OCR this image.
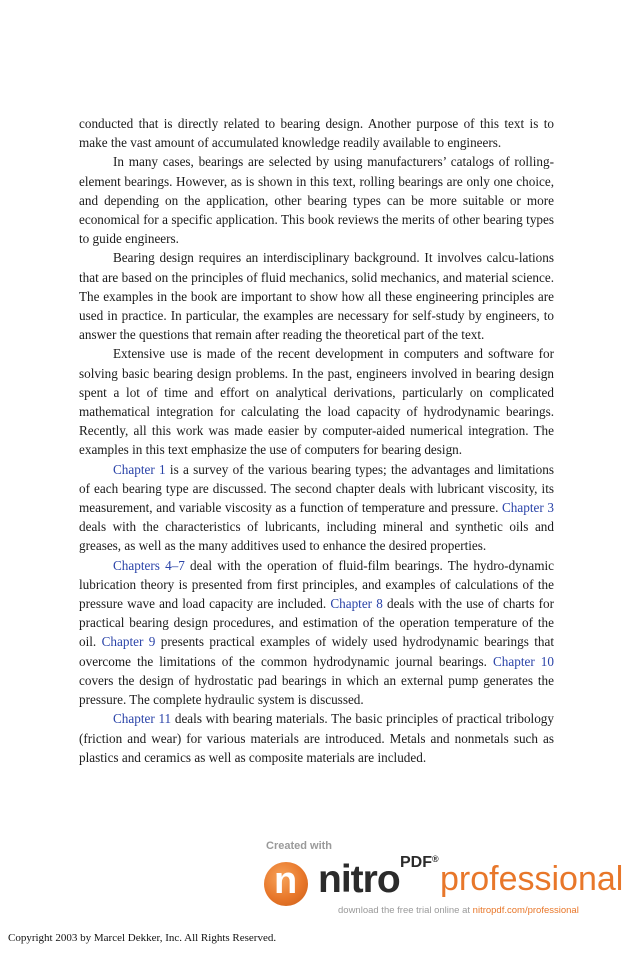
conducted that is directly related to bearing design. Another purpose of this text is to make the vast amount of accumulated knowledge readily available to engineers.

In many cases, bearings are selected by using manufacturers’ catalogs of rolling-element bearings. However, as is shown in this text, rolling bearings are only one choice, and depending on the application, other bearing types can be more suitable or more economical for a specific application. This book reviews the merits of other bearing types to guide engineers.

Bearing design requires an interdisciplinary background. It involves calcu-lations that are based on the principles of fluid mechanics, solid mechanics, and material science. The examples in the book are important to show how all these engineering principles are used in practice. In particular, the examples are necessary for self-study by engineers, to answer the questions that remain after reading the theoretical part of the text.

Extensive use is made of the recent development in computers and software for solving basic bearing design problems. In the past, engineers involved in bearing design spent a lot of time and effort on analytical derivations, particularly on complicated mathematical integration for calculating the load capacity of hydrodynamic bearings. Recently, all this work was made easier by computer-aided numerical integration. The examples in this text emphasize the use of computers for bearing design.

Chapter 1 is a survey of the various bearing types; the advantages and limitations of each bearing type are discussed. The second chapter deals with lubricant viscosity, its measurement, and variable viscosity as a function of temperature and pressure. Chapter 3 deals with the characteristics of lubricants, including mineral and synthetic oils and greases, as well as the many additives used to enhance the desired properties.

Chapters 4–7 deal with the operation of fluid-film bearings. The hydro-dynamic lubrication theory is presented from first principles, and examples of calculations of the pressure wave and load capacity are included. Chapter 8 deals with the use of charts for practical bearing design procedures, and estimation of the operation temperature of the oil. Chapter 9 presents practical examples of widely used hydrodynamic bearings that overcome the limitations of the common hydrodynamic journal bearings. Chapter 10 covers the design of hydrostatic pad bearings in which an external pump generates the pressure. The complete hydraulic system is discussed.

Chapter 11 deals with bearing materials. The basic principles of practical tribology (friction and wear) for various materials are introduced. Metals and nonmetals such as plastics and ceramics as well as composite materials are included.

Created with
n nitro PDF®
professional
download the free trial online at nitropdf.com/professional
Copyright 2003 by Marcel Dekker, Inc. All Rights Reserved.
